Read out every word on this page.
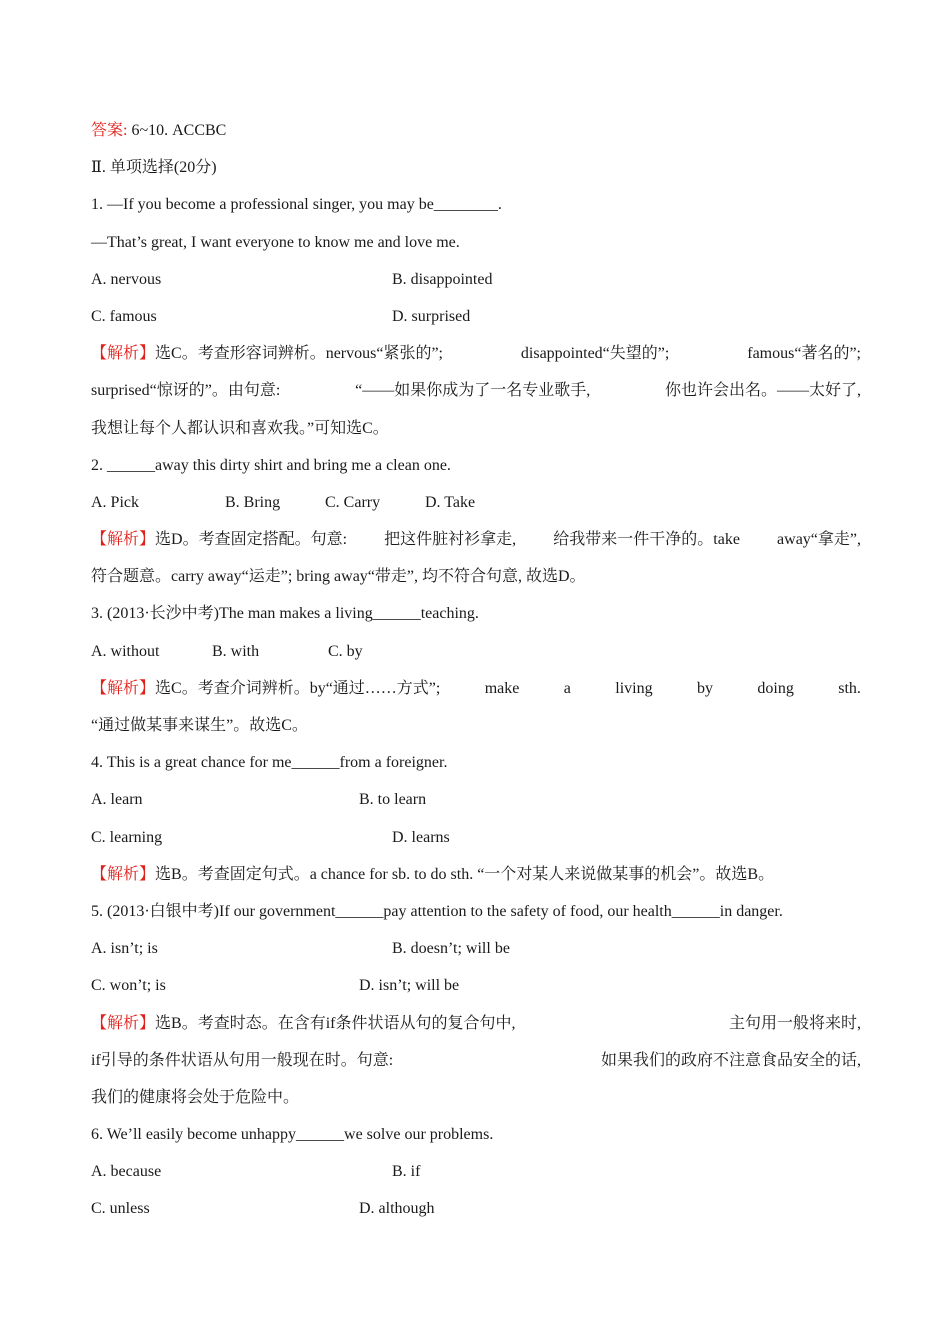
答案: 6~10. ACCBC
Ⅱ. 单项选择(20分)
1. —If you become a professional singer, you may be________.
—That’s great, I want everyone to know me and love me.
A. nervous	B. disappointed
C. famous	D. surprised
【解析】选C。考查形容词辨析。nervous“紧张的”;	disappointed“失望的”;	famous“著名的”;
surprised“惊讶的”。由句意:	“——如果你成为了一名专业歌手,	你也许会出名。——太好了,
我想让每个人都认识和喜欢我。”可知选C。
2. ______away this dirty shirt and bring me a clean one.
A. Pick	B. Bring	C. Carry	D. Take
【解析】选D。考查固定搭配。句意: 把这件脏衬衫拿走, 给我带来一件干净的。take away“拿走”,
符合题意。carry away“运走”; bring away“带走”, 均不符合句意, 故选D。
3. (2013·长沙中考)The man makes a living______teaching.
A. without	B. with	C. by
【解析】选C。考查介词辨析。by“通过……方式”;	make	a	living	by	doing	sth.
“通过做某事来谋生”。故选C。
4. This is a great chance for me______from a foreigner.
A. learn	B. to learn
C. learning	D. learns
【解析】选B。考查固定句式。a chance for sb. to do sth. “一个对某人来说做某事的机会”。故选B。
5. (2013·白银中考)If our government______pay attention to the safety of food, our health______in danger.
A. isn’t; is	B. doesn’t; will be
C. won’t; is	D. isn’t; will be
【解析】选B。考查时态。在含有if条件状语从句的复合句中,	主句用一般将来时,
if引导的条件状语从句用一般现在时。句意:	如果我们的政府不注意食品安全的话,
我们的健康将会处于危险中。
6. We’ll easily become unhappy______we solve our problems.
A. because	B. if
C. unless	D. although
